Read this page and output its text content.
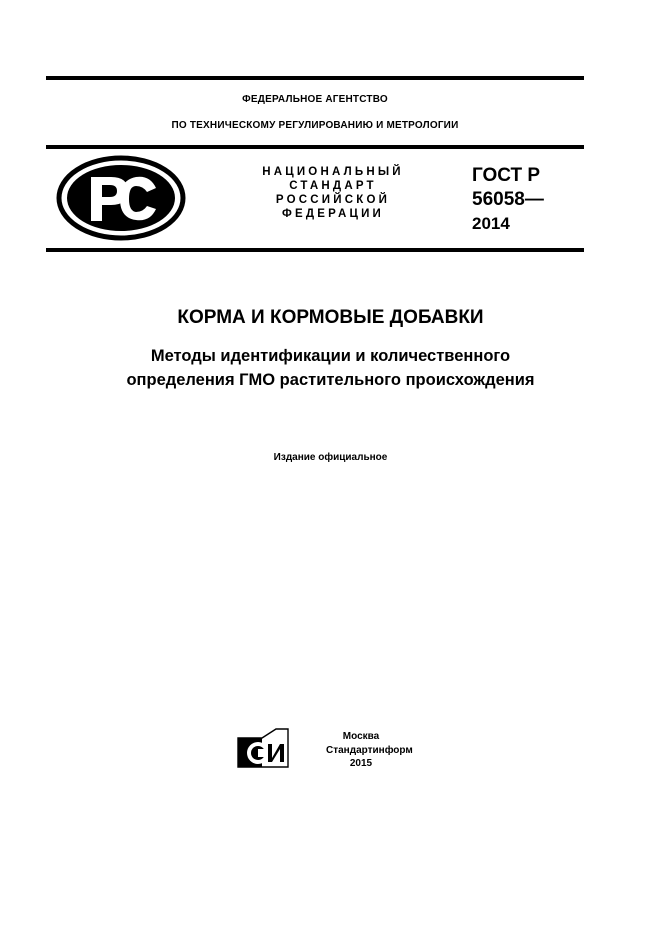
ФЕДЕРАЛЬНОЕ АГЕНТСТВО
ПО ТЕХНИЧЕСКОМУ РЕГУЛИРОВАНИЮ И МЕТРОЛОГИИ
НАЦИОНАЛЬНЫЙ
СТАНДАРТ
РОССИЙСКОЙ
ФЕДЕРАЦИИ
ГОСТ Р
56058—
2014
КОРМА И КОРМОВЫЕ ДОБАВКИ
Методы идентификации и количественного
определения ГМО растительного происхождения
Издание официальное
Москва
Стандартинформ
2015
